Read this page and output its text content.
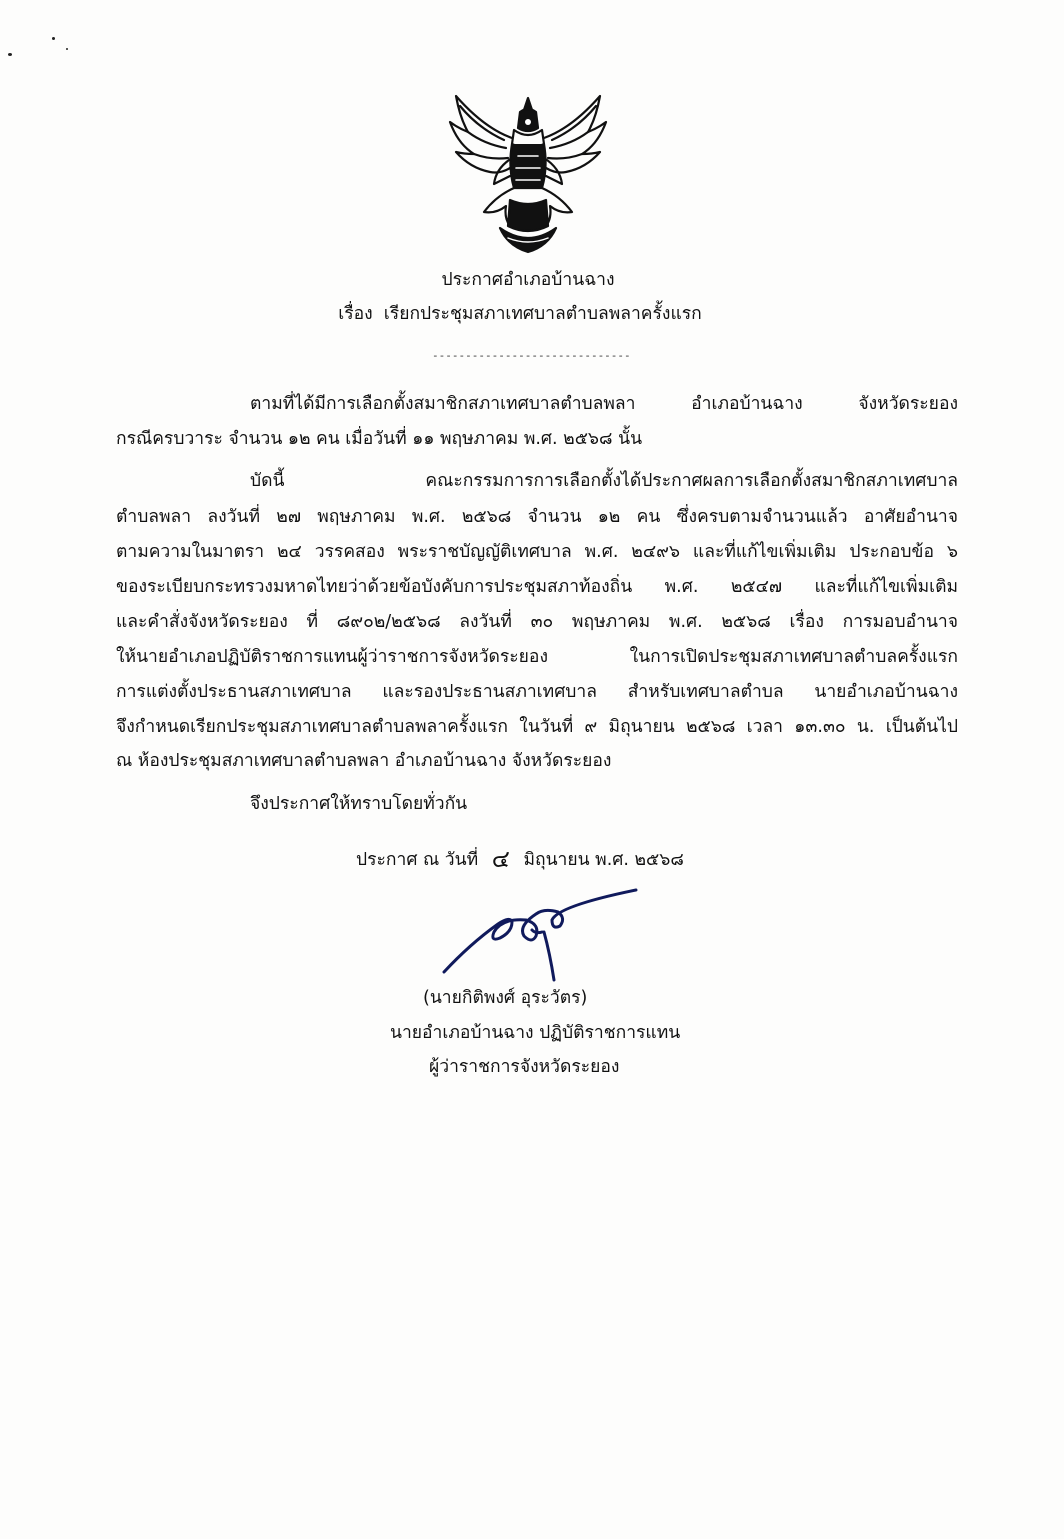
ประกาศอำเภอบ้านฉาง
เรื่อง  เรียกประชุมสภาเทศบาลตำบลพลาครั้งแรก
------------------------------
ตามที่ได้มีการเลือกตั้งสมาชิกสภาเทศบาลตำบลพลา อำเภอบ้านฉาง จังหวัดระยอง
กรณีครบวาระ จำนวน ๑๒ คน เมื่อวันที่ ๑๑ พฤษภาคม พ.ศ. ๒๕๖๘ นั้น
บัดนี้ คณะกรรมการการเลือกตั้งได้ประกาศผลการเลือกตั้งสมาชิกสภาเทศบาล
ตำบลพลา ลงวันที่ ๒๗ พฤษภาคม พ.ศ. ๒๕๖๘ จำนวน ๑๒ คน ซึ่งครบตามจำนวนแล้ว อาศัยอำนาจ
ตามความในมาตรา ๒๔ วรรคสอง พระราชบัญญัติเทศบาล พ.ศ. ๒๔๙๖ และที่แก้ไขเพิ่มเติม ประกอบข้อ ๖
ของระเบียบกระทรวงมหาดไทยว่าด้วยข้อบังคับการประชุมสภาท้องถิ่น พ.ศ. ๒๕๔๗ และที่แก้ไขเพิ่มเติม
และคำสั่งจังหวัดระยอง ที่ ๘๙๐๒/๒๕๖๘ ลงวันที่ ๓๐ พฤษภาคม พ.ศ. ๒๕๖๘ เรื่อง การมอบอำนาจ
ให้นายอำเภอปฏิบัติราชการแทนผู้ว่าราชการจังหวัดระยอง ในการเปิดประชุมสภาเทศบาลตำบลครั้งแรก
การแต่งตั้งประธานสภาเทศบาล และรองประธานสภาเทศบาล สำหรับเทศบาลตำบล นายอำเภอบ้านฉาง
จึงกำหนดเรียกประชุมสภาเทศบาลตำบลพลาครั้งแรก ในวันที่ ๙ มิถุนายน ๒๕๖๘ เวลา ๑๓.๓๐ น. เป็นต้นไป
ณ ห้องประชุมสภาเทศบาลตำบลพลา อำเภอบ้านฉาง จังหวัดระยอง
จึงประกาศให้ทราบโดยทั่วกัน
ประกาศ ณ วันที่ ๔ มิถุนายน พ.ศ. ๒๕๖๘
(นายกิติพงศ์ อุระวัตร)
นายอำเภอบ้านฉาง ปฏิบัติราชการแทน
ผู้ว่าราชการจังหวัดระยอง
